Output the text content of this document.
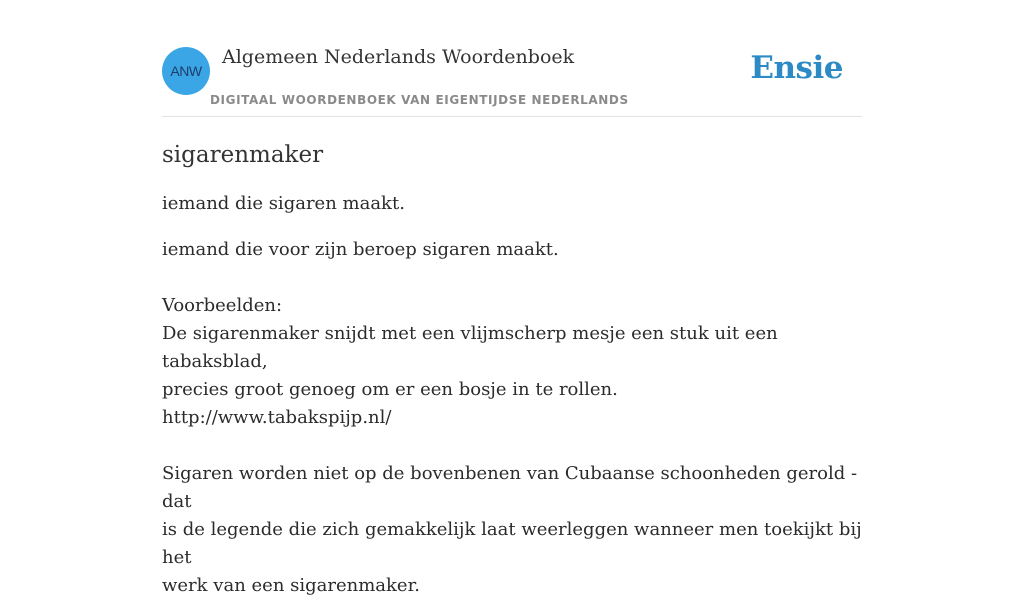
ANW
Algemeen Nederlands Woordenboek
DIGITAAL WOORDENBOEK VAN EIGENTIJDSE NEDERLANDS
Ensie
sigarenmaker

iemand die sigaren maakt.

iemand die voor zijn beroep sigaren maakt.
Voorbeelden:
De sigarenmaker snijdt met een vlijmscherp mesje een stuk uit een tabaksblad,
precies groot genoeg om er een bosje in te rollen.
http://www.tabakspijp.nl/
Sigaren worden niet op de bovenbenen van Cubaanse schoonheden gerold - dat
is de legende die zich gemakkelijk laat weerleggen wanneer men toekijkt bij het
werk van een sigarenmaker.
